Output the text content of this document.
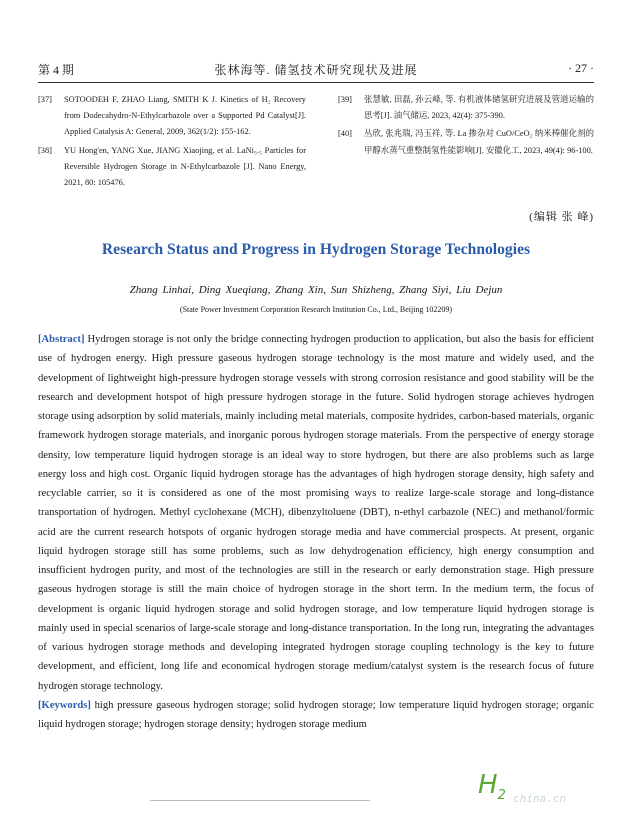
第 4 期	张林海等. 储氢技术研究现状及进展	· 27 ·
[37] SOTOODEH F, ZHAO Liang, SMITH K J. Kinetics of H₂ Recovery from Dodecahydro-N-Ethylcarbazole over a Supported Pd Catalyst[J]. Applied Catalysis A: General, 2009, 362(1/2): 155-162.
[38] YU Hong'en, YANG Xue, JIANG Xiaojing, et al. LaNi₅.₅ Particles for Reversible Hydrogen Storage in N-Ethylcarbazole [J]. Nano Energy, 2021, 80: 105476.
[39] 张慧敏, 田磊, 孙云峰, 等. 有机液体储氢研究进展及管道运输的思考[J]. 油气储运, 2023, 42(4): 375-390.
[40] 丛欣, 张兆瑞, 冯玉祥, 等. La 掺杂对 CuO/CeO₂ 纳米棒催化剂的甲醇水蒸气重整制氢性能影响[J]. 安徽化工, 2023, 49(4): 96-100.
(编辑 张 峰)
Research Status and Progress in Hydrogen Storage Technologies
Zhang Linhai, Ding Xueqiang, Zhang Xin, Sun Shizheng, Zhang Siyi, Liu Dejun
(State Power Investment Corporation Research Institution Co., Ltd., Beijing 102209)

[Abstract] Hydrogen storage is not only the bridge connecting hydrogen production to application, but also the basis for efficient use of hydrogen energy. High pressure gaseous hydrogen storage technology is the most mature and widely used, and the development of lightweight high-pressure hydrogen storage vessels with strong corrosion resistance and good stability will be the research and development hotspot of high pressure hydrogen storage in the future. Solid hydrogen storage achieves hydrogen storage using adsorption by solid materials, mainly including metal materials, composite hydrides, carbon-based materials, organic framework hydrogen storage materials, and inorganic porous hydrogen storage materials. From the perspective of energy storage density, low temperature liquid hydrogen storage is an ideal way to store hydrogen, but there are also problems such as large energy loss and high cost. Organic liquid hydrogen storage has the advantages of high hydrogen storage density, high safety and recyclable carrier, so it is considered as one of the most promising ways to realize large-scale storage and long-distance transportation of hydrogen. Methyl cyclohexane (MCH), dibenzyltoluene (DBT), n-ethyl carbazole (NEC) and methanol/formic acid are the current research hotspots of organic hydrogen storage media and have commercial prospects. At present, organic liquid hydrogen storage still has some problems, such as low dehydrogenation efficiency, high energy consumption and insufficient hydrogen purity, and most of the technologies are still in the research or early demonstration stage. High pressure gaseous hydrogen storage is still the main choice of hydrogen storage in the short term. In the medium term, the focus of development is organic liquid hydrogen storage and solid hydrogen storage, and low temperature liquid hydrogen storage is mainly used in special scenarios of large-scale storage and long-distance transportation. In the long run, integrating the advantages of various hydrogen storage methods and developing integrated hydrogen storage coupling technology is the key to future development, and efficient, long life and economical hydrogen storage medium/catalyst system is the research focus of future hydrogen storage technology.

[Keywords] high pressure gaseous hydrogen storage; solid hydrogen storage; low temperature liquid hydrogen storage; organic liquid hydrogen storage; hydrogen storage density; hydrogen storage medium

$H_2$ china.cn
